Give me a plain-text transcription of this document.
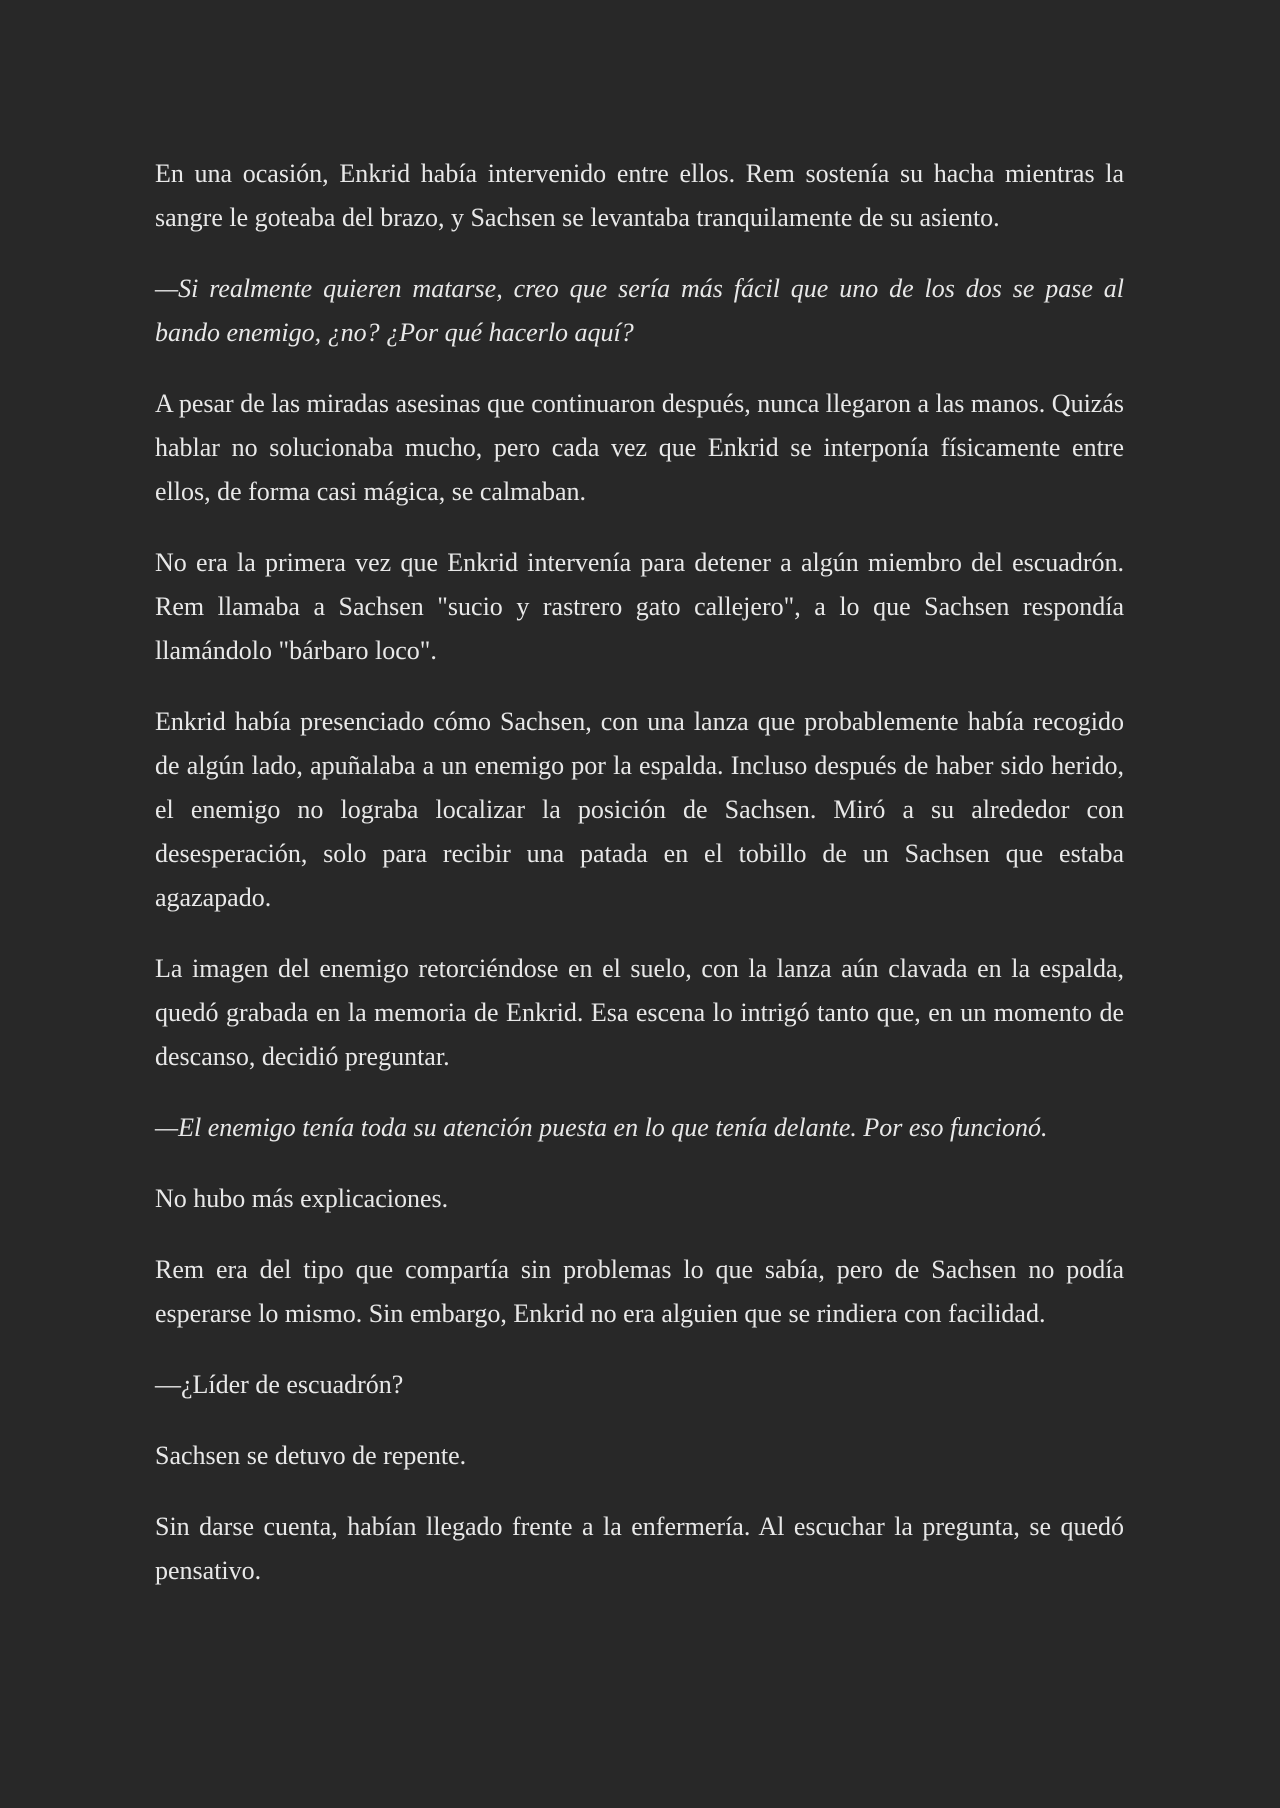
En una ocasión, Enkrid había intervenido entre ellos. Rem sostenía su hacha mientras la sangre le goteaba del brazo, y Sachsen se levantaba tranquilamente de su asiento.

—Si realmente quieren matarse, creo que sería más fácil que uno de los dos se pase al bando enemigo, ¿no? ¿Por qué hacerlo aquí?

A pesar de las miradas asesinas que continuaron después, nunca llegaron a las manos. Quizás hablar no solucionaba mucho, pero cada vez que Enkrid se interponía físicamente entre ellos, de forma casi mágica, se calmaban.

No era la primera vez que Enkrid intervenía para detener a algún miembro del escuadrón. Rem llamaba a Sachsen "sucio y rastrero gato callejero", a lo que Sachsen respondía llamándolo "bárbaro loco".

Enkrid había presenciado cómo Sachsen, con una lanza que probablemente había recogido de algún lado, apuñalaba a un enemigo por la espalda. Incluso después de haber sido herido, el enemigo no lograba localizar la posición de Sachsen. Miró a su alrededor con desesperación, solo para recibir una patada en el tobillo de un Sachsen que estaba agazapado.

La imagen del enemigo retorciéndose en el suelo, con la lanza aún clavada en la espalda, quedó grabada en la memoria de Enkrid. Esa escena lo intrigó tanto que, en un momento de descanso, decidió preguntar.

—El enemigo tenía toda su atención puesta en lo que tenía delante. Por eso funcionó.

No hubo más explicaciones.

Rem era del tipo que compartía sin problemas lo que sabía, pero de Sachsen no podía esperarse lo mismo. Sin embargo, Enkrid no era alguien que se rindiera con facilidad.

—¿Líder de escuadrón?

Sachsen se detuvo de repente.

Sin darse cuenta, habían llegado frente a la enfermería. Al escuchar la pregunta, se quedó pensativo.
